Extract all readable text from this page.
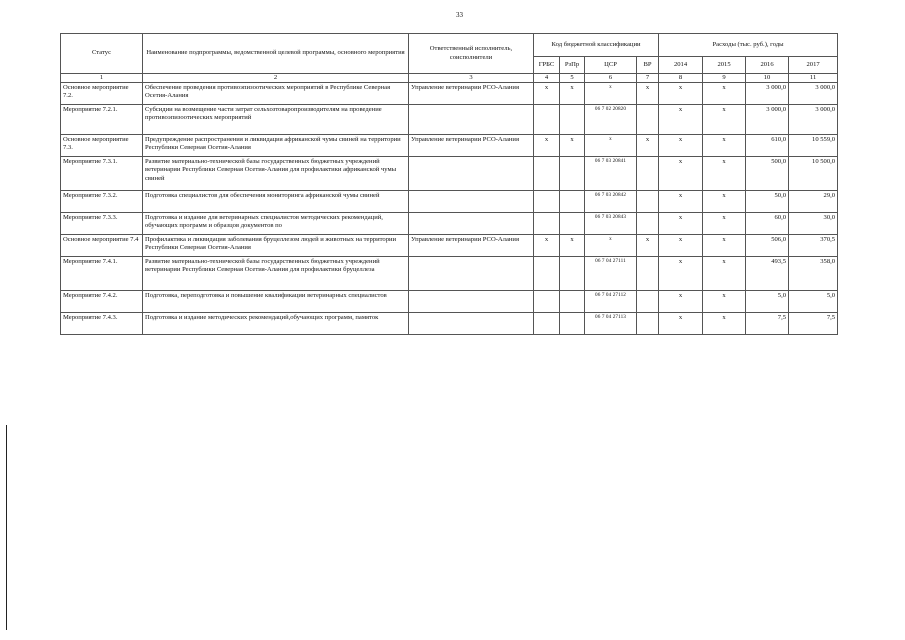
33
Статус	Наименование подпрограммы, ведомственной целевой программы, основного мероприятия	Ответственный исполнитель, соисполнители	Код бюджетной классификации				Расходы (тыс. руб.), годы			
			ГРБС	РзПр	ЦСР	ВР	2014	2015	2016	2017
1	2	3	4	5	6	7	8	9	10	11
Основное мероприятие 7.2.	Обеспечение проведения противоэпизоотических мероприятий в Республике Северная Осетия-Алания	Управление ветеринарии РСО-Алания	х	х	х	х	х	х	3 000,0	3 000,0
Мероприятие 7.2.1.	Субсидии на возмещение части затрат сельхозтоваропроизводителям на проведение противоэпизоотических мероприятий				06 7 02 20820		х	х	3 000,0	3 000,0
Основное мероприятие 7.3.	Предупреждение распространения и ликвидация африканской чумы свиней на территории Республики Северная Осетия-Алания	Управление ветеринарии РСО-Алания	х	х	х	х	х	х	610,0	10 559,0
Мероприятие 7.3.1.	Развитие материально-технической базы государственных бюджетных учреждений ветеринарии Республики Северная Осетия-Алания для профилактики африканской чумы свиней				06 7 03 20841		х	х	500,0	10 500,0
Мероприятие 7.3.2.	Подготовка специалистов для обеспечения мониторинга африканской чумы свиней				06 7 03 20842		х	х	50,0	29,0
Мероприятие 7.3.3.	Подготовка и издание для ветеринарных специалистов методических рекомендаций, обучающих программ и образцов документов по				06 7 03 20843		х	х	60,0	30,0
Основное мероприятие 7.4	Профилактика и ликвидация заболевания бруцеллезом людей и животных на территории Республики Северная Осетия-Алания	Управление ветеринарии РСО-Алания	х	х	х	х	х	х	506,0	370,5
Мероприятие 7.4.1.	Развитие материально-технической базы государственных бюджетных учреждений ветеринарии Республики Северная Осетия-Алания для профилактики бруцеллеза				06 7 04 27111		х	х	493,5	358,0
Мероприятие 7.4.2.	Подготовка, переподготовка и повышение квалификации ветеринарных специалистов				06 7 04 27112		х	х	5,0	5,0
Мероприятие 7.4.3.	Подготовка и издание методических рекомендаций,обучающих программ, памяток				06 7 04 27113		х	х	7,5	7,5
